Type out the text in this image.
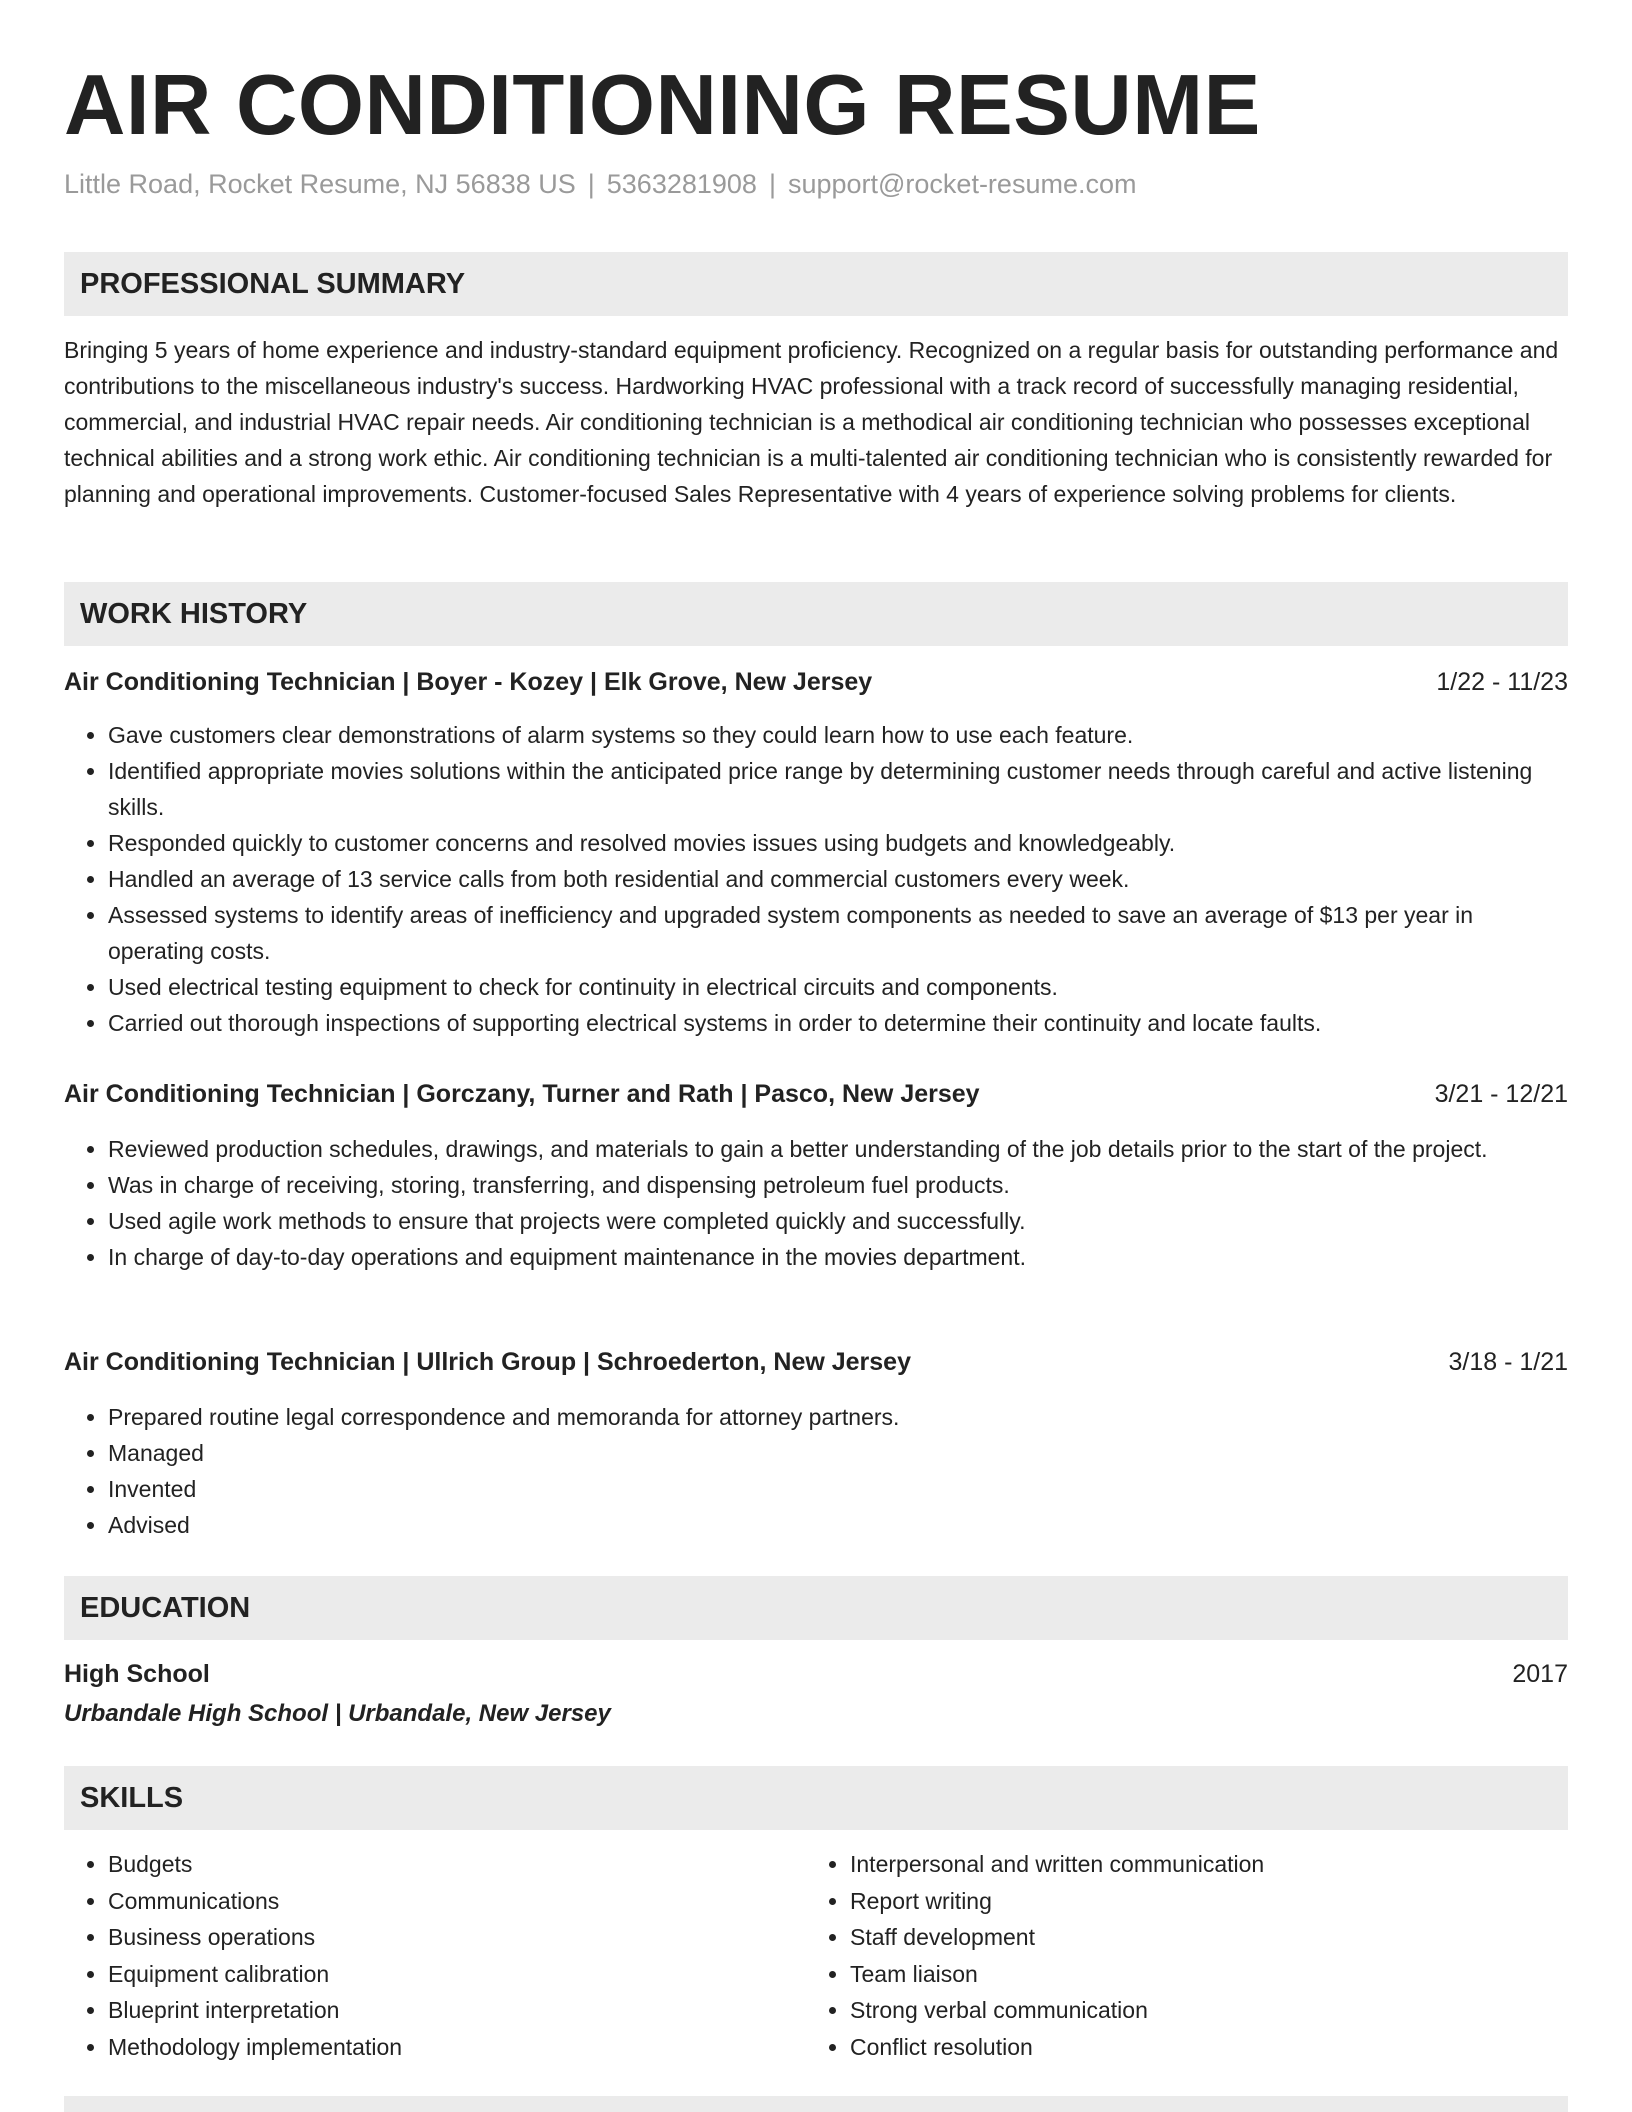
AIR CONDITIONING RESUME
Little Road, Rocket Resume, NJ 56838 US | 5363281908 | support@rocket-resume.com
PROFESSIONAL SUMMARY

Bringing 5 years of home experience and industry-standard equipment proficiency. Recognized on a regular basis for outstanding performance and contributions to the miscellaneous industry's success. Hardworking HVAC professional with a track record of successfully managing residential, commercial, and industrial HVAC repair needs. Air conditioning technician is a methodical air conditioning technician who possesses exceptional technical abilities and a strong work ethic. Air conditioning technician is a multi-talented air conditioning technician who is consistently rewarded for planning and operational improvements. Customer-focused Sales Representative with 4 years of experience solving problems for clients.

WORK HISTORY
Air Conditioning Technician | Boyer - Kozey | Elk Grove, New Jersey	1/22 - 11/23
• Gave customers clear demonstrations of alarm systems so they could learn how to use each feature.
• Identified appropriate movies solutions within the anticipated price range by determining customer needs through careful and active listening skills.
• Responded quickly to customer concerns and resolved movies issues using budgets and knowledgeably.
• Handled an average of 13 service calls from both residential and commercial customers every week.
• Assessed systems to identify areas of inefficiency and upgraded system components as needed to save an average of $13 per year in operating costs.
• Used electrical testing equipment to check for continuity in electrical circuits and components.
• Carried out thorough inspections of supporting electrical systems in order to determine their continuity and locate faults.
Air Conditioning Technician | Gorczany, Turner and Rath | Pasco, New Jersey	3/21 - 12/21
• Reviewed production schedules, drawings, and materials to gain a better understanding of the job details prior to the start of the project.
• Was in charge of receiving, storing, transferring, and dispensing petroleum fuel products.
• Used agile work methods to ensure that projects were completed quickly and successfully.
• In charge of day-to-day operations and equipment maintenance in the movies department.
Air Conditioning Technician | Ullrich Group | Schroederton, New Jersey	3/18 - 1/21
• Prepared routine legal correspondence and memoranda for attorney partners.
• Managed
• Invented
• Advised
EDUCATION
High School	2017
Urbandale High School | Urbandale, New Jersey
SKILLS
• Budgets
• Communications
• Business operations
• Equipment calibration
• Blueprint interpretation
• Methodology implementation
• Interpersonal and written communication
• Report writing
• Staff development
• Team liaison
• Strong verbal communication
• Conflict resolution
